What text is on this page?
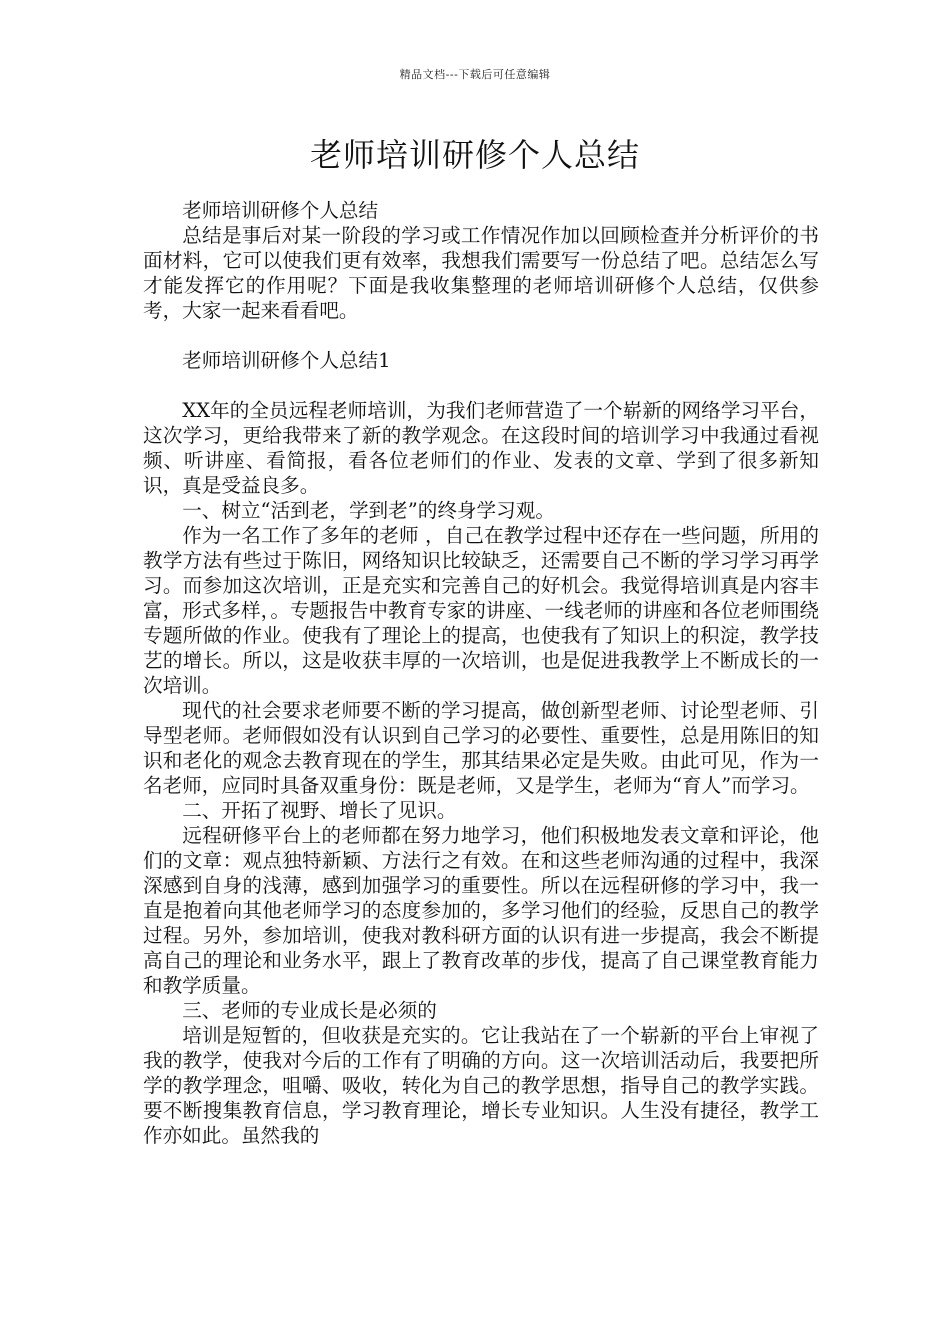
精品文档---下载后可任意编辑
老师培训研修个人总结

老师培训研修个人总结

总结是事后对某一阶段的学习或工作情况作加以回顾检查并分析评价的书面材料，它可以使我们更有效率，我想我们需要写一份总结了吧。总结怎么写才能发挥它的作用呢？下面是我收集整理的老师培训研修个人总结，仅供参考，大家一起来看看吧。

老师培训研修个人总结1

XX年的全员远程老师培训，为我们老师营造了一个崭新的网络学习平台，这次学习，更给我带来了新的教学观念。在这段时间的培训学习中我通过看视频、听讲座、看简报，看各位老师们的作业、发表的文章、学到了很多新知识，真是受益良多。

一、树立“活到老，学到老”的终身学习观。

作为一名工作了多年的老师 ，自己在教学过程中还存在一些问题，所用的教学方法有些过于陈旧，网络知识比较缺乏，还需要自己不断的学习学习再学习。而参加这次培训，正是充实和完善自己的好机会。我觉得培训真是内容丰富，形式多样，。专题报告中教育专家的讲座、一线老师的讲座和各位老师围绕专题所做的作业。使我有了理论上的提高，也使我有了知识上的积淀，教学技艺的增长。所以，这是收获丰厚的一次培训，也是促进我教学上不断成长的一次培训。

现代的社会要求老师要不断的学习提高，做创新型老师、讨论型老师、引导型老师。老师假如没有认识到自己学习的必要性、重要性，总是用陈旧的知识和老化的观念去教育现在的学生，那其结果必定是失败。由此可见，作为一名老师，应同时具备双重身份：既是老师，又是学生，老师为“育人”而学习。

二、开拓了视野、增长了见识。

远程研修平台上的老师都在努力地学习，他们积极地发表文章和评论，他们的文章：观点独特新颖、方法行之有效。在和这些老师沟通的过程中，我深深感到自身的浅薄，感到加强学习的重要性。所以在远程研修的学习中，我一直是抱着向其他老师学习的态度参加的，多学习他们的经验，反思自己的教学过程。另外，参加培训，使我对教科研方面的认识有进一步提高，我会不断提高自己的理论和业务水平，跟上了教育改革的步伐，提高了自己课堂教育能力和教学质量。

三、老师的专业成长是必须的

培训是短暂的，但收获是充实的。它让我站在了一个崭新的平台上审视了我的教学，使我对今后的工作有了明确的方向。这一次培训活动后，我要把所学的教学理念，咀嚼、吸收，转化为自己的教学思想，指导自己的教学实践。要不断搜集教育信息，学习教育理论，增长专业知识。人生没有捷径，教学工作亦如此。虽然我的
